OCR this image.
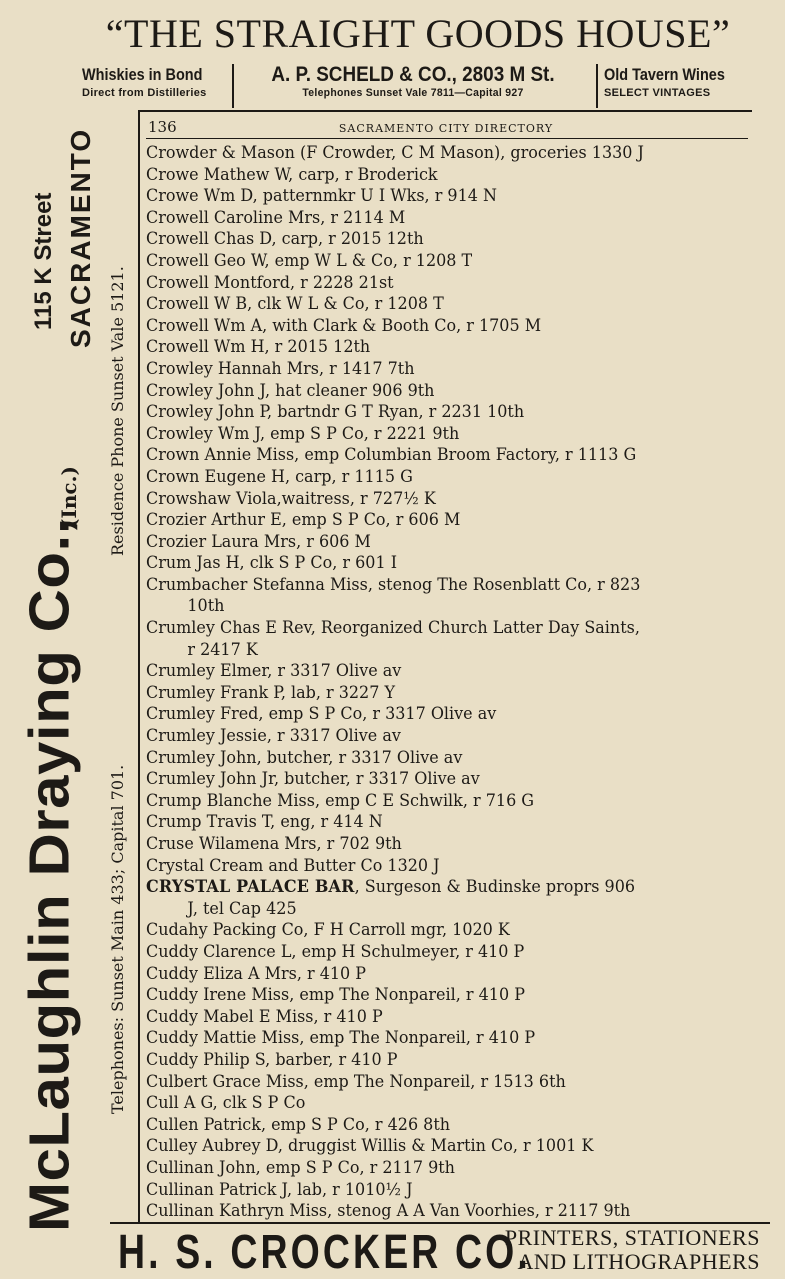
“THE STRAIGHT GOODS HOUSE”
Whiskies in Bond
Direct from Distilleries
A. P. SCHELD & CO., 2803 M St.
Telephones Sunset Vale 7811—Capital 927
Old Tavern Wines
SELECT VINTAGES
McLaughlin Draying Co.,
(Inc.)
115 K Street SACRAMENTO
Residence Phone Sunset Vale 5121.
Telephones: Sunset Main 433; Capital 701.
136	SACRAMENTO CITY DIRECTORY
Crowder & Mason (F Crowder, C M Mason), groceries 1330 J
Crowe Mathew W, carp, r Broderick
Crowe Wm D, patternmkr U I Wks, r 914 N
Crowell Caroline Mrs, r 2114 M
Crowell Chas D, carp, r 2015 12th
Crowell Geo W, emp W L & Co, r 1208 T
Crowell Montford, r 2228 21st
Crowell W B, clk W L & Co, r 1208 T
Crowell Wm A, with Clark & Booth Co, r 1705 M
Crowell Wm H, r 2015 12th
Crowley Hannah Mrs, r 1417 7th
Crowley John J, hat cleaner 906 9th
Crowley John P, bartndr G T Ryan, r 2231 10th
Crowley Wm J, emp S P Co, r 2221 9th
Crown Annie Miss, emp Columbian Broom Factory, r 1113 G
Crown Eugene H, carp, r 1115 G
Crowshaw Viola,waitress, r 727½ K
Crozier Arthur E, emp S P Co, r 606 M
Crozier Laura Mrs, r 606 M
Crum Jas H, clk S P Co, r 601 I
Crumbacher Stefanna Miss, stenog The Rosenblatt Co, r 823
10th
Crumley Chas E Rev, Reorganized Church Latter Day Saints,
r 2417 K
Crumley Elmer, r 3317 Olive av
Crumley Frank P, lab, r 3227 Y
Crumley Fred, emp S P Co, r 3317 Olive av
Crumley Jessie, r 3317 Olive av
Crumley John, butcher, r 3317 Olive av
Crumley John Jr, butcher, r 3317 Olive av
Crump Blanche Miss, emp C E Schwilk, r 716 G
Crump Travis T, eng, r 414 N
Cruse Wilamena Mrs, r 702 9th
Crystal Cream and Butter Co 1320 J
CRYSTAL PALACE BAR, Surgeson & Budinske proprs 906
J, tel Cap 425
Cudahy Packing Co, F H Carroll mgr, 1020 K
Cuddy Clarence L, emp H Schulmeyer, r 410 P
Cuddy Eliza A Mrs, r 410 P
Cuddy Irene Miss, emp The Nonpareil, r 410 P
Cuddy Mabel E Miss, r 410 P
Cuddy Mattie Miss, emp The Nonpareil, r 410 P
Cuddy Philip S, barber, r 410 P
Culbert Grace Miss, emp The Nonpareil, r 1513 6th
Cull A G, clk S P Co
Cullen Patrick, emp S P Co, r 426 8th
Culley Aubrey D, druggist Willis & Martin Co, r 1001 K
Cullinan John, emp S P Co, r 2117 9th
Cullinan Patrick J, lab, r 1010½ J
Cullinan Kathryn Miss, stenog A A Van Voorhies, r 2117 9th
H. S. CROCKER CO.
PRINTERS, STATIONERS
AND LITHOGRAPHERS
